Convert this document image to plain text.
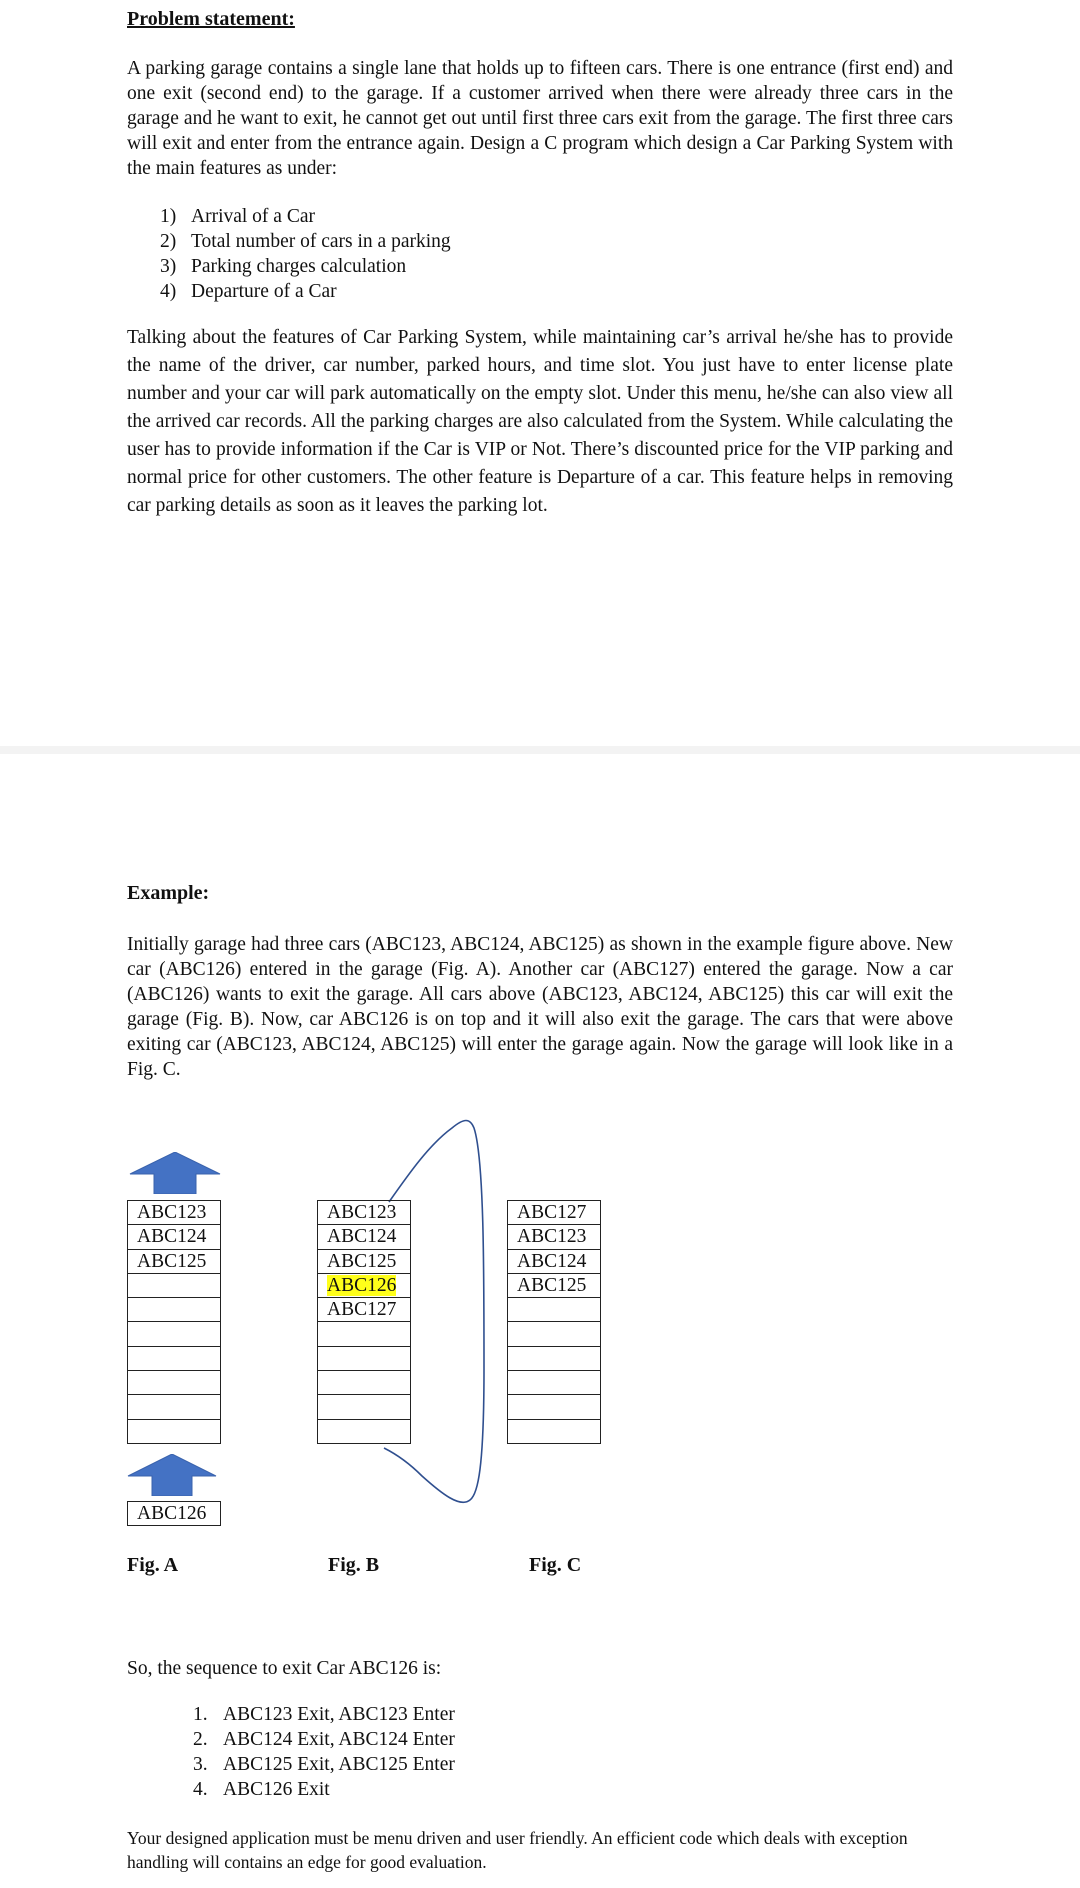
Problem statement:

A parking garage contains a single lane that holds up to fifteen cars. There is one entrance (first end) and one exit (second end) to the garage. If a customer arrived when there were already three cars in the garage and he want to exit, he cannot get out until first three cars exit from the garage. The first three cars will exit and enter from the entrance again. Design a C program which design a Car Parking System with the main features as under:

1) Arrival of a Car
2) Total number of cars in a parking
3) Parking charges calculation
4) Departure of a Car

Talking about the features of Car Parking System, while maintaining car’s arrival he/she has to provide the name of the driver, car number, parked hours, and time slot. You just have to enter license plate number and your car will park automatically on the empty slot. Under this menu, he/she can also view all the arrived car records. All the parking charges are also calculated from the System. While calculating the user has to provide information if the Car is VIP or Not. There’s discounted price for the VIP parking and normal price for other customers. The other feature is Departure of a car. This feature helps in removing car parking details as soon as it leaves the parking lot.

Example:

Initially garage had three cars (ABC123, ABC124, ABC125) as shown in the example figure above. New car (ABC126) entered in the garage (Fig. A). Another car (ABC127) entered the garage. Now a car (ABC126) wants to exit the garage. All cars above (ABC123, ABC124, ABC125) this car will exit the garage (Fig. B). Now, car ABC126 is on top and it will also exit the garage. The cars that were above exiting car (ABC123, ABC124, ABC125) will enter the garage again. Now the garage will look like in a Fig. C.

ABC123
ABC124
ABC125
ABC126
Fig. A
ABC123
ABC124
ABC125
ABC126
ABC127
Fig. B
ABC127
ABC123
ABC124
ABC125
Fig. C
So, the sequence to exit Car ABC126 is:
1. ABC123 Exit, ABC123 Enter
2. ABC124 Exit, ABC124 Enter
3. ABC125 Exit, ABC125 Enter
4. ABC126 Exit

Your designed application must be menu driven and user friendly. An efficient code which deals with exception handling will contains an edge for good evaluation.
